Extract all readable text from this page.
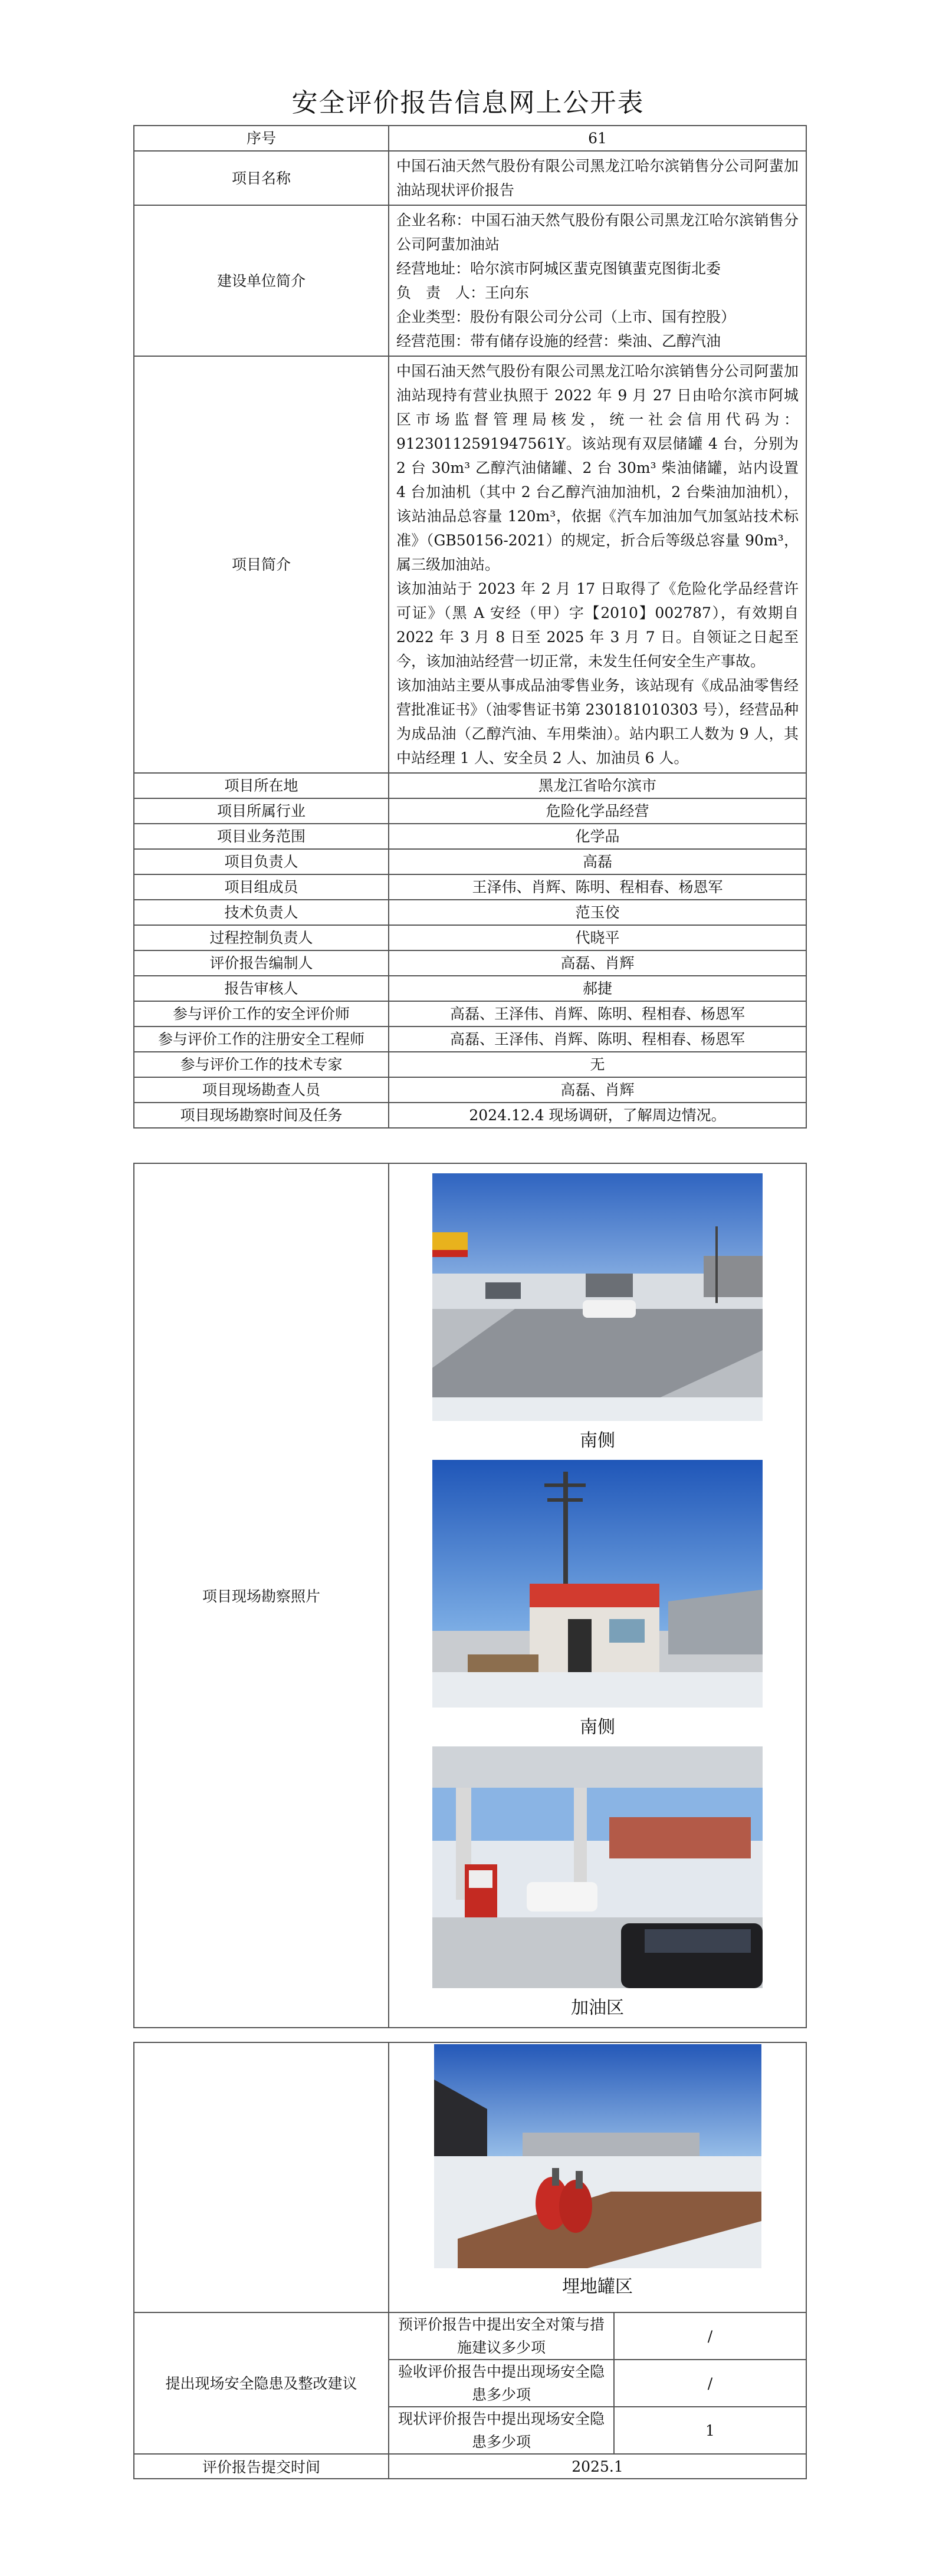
安全评价报告信息网上公开表
序号	61
项目名称	中国石油天然气股份有限公司黑龙江哈尔滨销售分公司阿蜚加油站现状评价报告
建设单位简介	企业名称：中国石油天然气股份有限公司黑龙江哈尔滨销售分公司阿蜚加油站
经营地址：哈尔滨市阿城区蜚克图镇蜚克图街北委
负　责　人：王向东
企业类型：股份有限公司分公司（上市、国有控股）
经营范围：带有储存设施的经营：柴油、乙醇汽油

项目简介	中国石油天然气股份有限公司黑龙江哈尔滨销售分公司阿蜚加油站现持有营业执照于 2022 年 9 月 27 日由哈尔滨市阿城区市场监督管理局核发，统一社会信用代码为：91230112591947561Y。该站现有双层储罐 4 台，分别为 2 台 30m³ 乙醇汽油储罐、2 台 30m³ 柴油储罐，站内设置 4 台加油机（其中 2 台乙醇汽油加油机，2 台柴油加油机），该站油品总容量 120m³，依据《汽车加油加气加氢站技术标准》（GB50156-2021）的规定，折合后等级总容量 90m³，属三级加油站。
该加油站于 2023 年 2 月 17 日取得了《危险化学品经营许可证》（黑 A 安经（甲）字【2010】002787），有效期自 2022 年 3 月 8 日至 2025 年 3 月 7 日。自领证之日起至今，该加油站经营一切正常，未发生任何安全生产事故。
该加油站主要从事成品油零售业务，该站现有《成品油零售经营批准证书》（油零售证书第 230181010303 号），经营品种为成品油（乙醇汽油、车用柴油）。站内职工人数为 9 人，其中站经理 1 人、安全员 2 人、加油员 6 人。

项目所在地	黑龙江省哈尔滨市
项目所属行业	危险化学品经营
项目业务范围	化学品
项目负责人	高磊
项目组成员	王泽伟、肖辉、陈明、程相春、杨恩军
技术负责人	范玉佼
过程控制负责人	代晓平
评价报告编制人	高磊、肖辉
报告审核人	郝捷
参与评价工作的安全评价师	高磊、王泽伟、肖辉、陈明、程相春、杨恩军
参与评价工作的注册安全工程师	高磊、王泽伟、肖辉、陈明、程相春、杨恩军
参与评价工作的技术专家	无
项目现场勘查人员	高磊、肖辉
项目现场勘察时间及任务	2024.12.4 现场调研，了解周边情况。
项目现场勘察照片	
南侧
南侧
加油区

	埋地罐区	

提出现场安全隐患及整改建议	预评价报告中提出安全对策与措施建议多少项	/
	验收评价报告中提出现场安全隐患多少项	/
	现状评价报告中提出现场安全隐患多少项	1
评价报告提交时间	2025.1	
